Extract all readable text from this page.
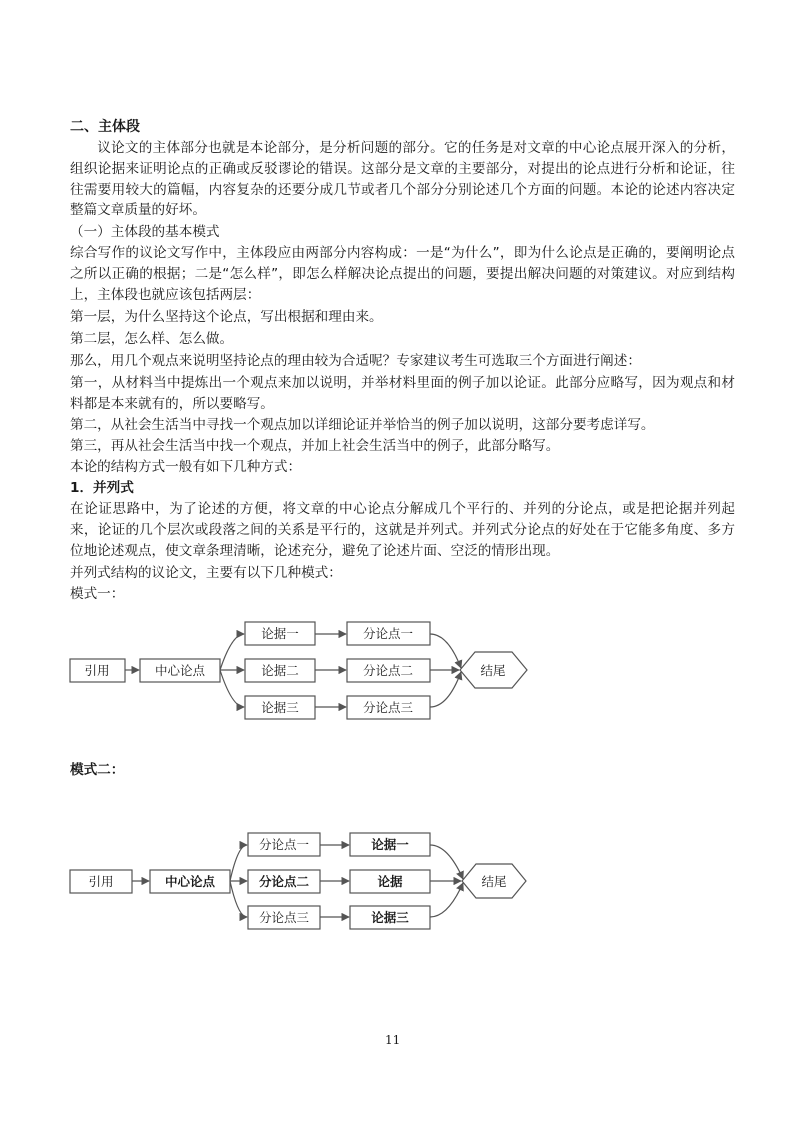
二、主体段
议论文的主体部分也就是本论部分，是分析问题的部分。它的任务是对文章的中心论点展开深入的分析，组织论据来证明论点的正确或反驳谬论的错误。这部分是文章的主要部分，对提出的论点进行分析和论证，往往需要用较大的篇幅，内容复杂的还要分成几节或者几个部分分别论述几个方面的问题。本论的论述内容决定整篇文章质量的好坏。
（一）主体段的基本模式
综合写作的议论文写作中，主体段应由两部分内容构成：一是“为什么”，即为什么论点是正确的，要阐明论点之所以正确的根据；二是“怎么样”，即怎么样解决论点提出的问题，要提出解决问题的对策建议。对应到结构上，主体段也就应该包括两层：
第一层，为什么坚持这个论点，写出根据和理由来。
第二层，怎么样、怎么做。
那么，用几个观点来说明坚持论点的理由较为合适呢？专家建议考生可选取三个方面进行阐述：
第一，从材料当中提炼出一个观点来加以说明，并举材料里面的例子加以论证。此部分应略写，因为观点和材料都是本来就有的，所以要略写。
第二，从社会生活当中寻找一个观点加以详细论证并举恰当的例子加以说明，这部分要考虑详写。
第三，再从社会生活当中找一个观点，并加上社会生活当中的例子，此部分略写。
本论的结构方式一般有如下几种方式：
1．并列式
在论证思路中，为了论述的方便，将文章的中心论点分解成几个平行的、并列的分论点，或是把论据并列起来，论证的几个层次或段落之间的关系是平行的，这就是并列式。并列式分论点的好处在于它能多角度、多方位地论述观点，使文章条理清晰，论述充分，避免了论述片面、空泛的情形出现。
并列式结构的议论文，主要有以下几种模式：
模式一：
引用	中心论点
论据一
论据二
论据三
分论点一
分论点二
分论点三
结尾
模式二：
引用	中心论点
分论点一
分论点二
分论点三
论据一
论据
论据三
结尾
11
